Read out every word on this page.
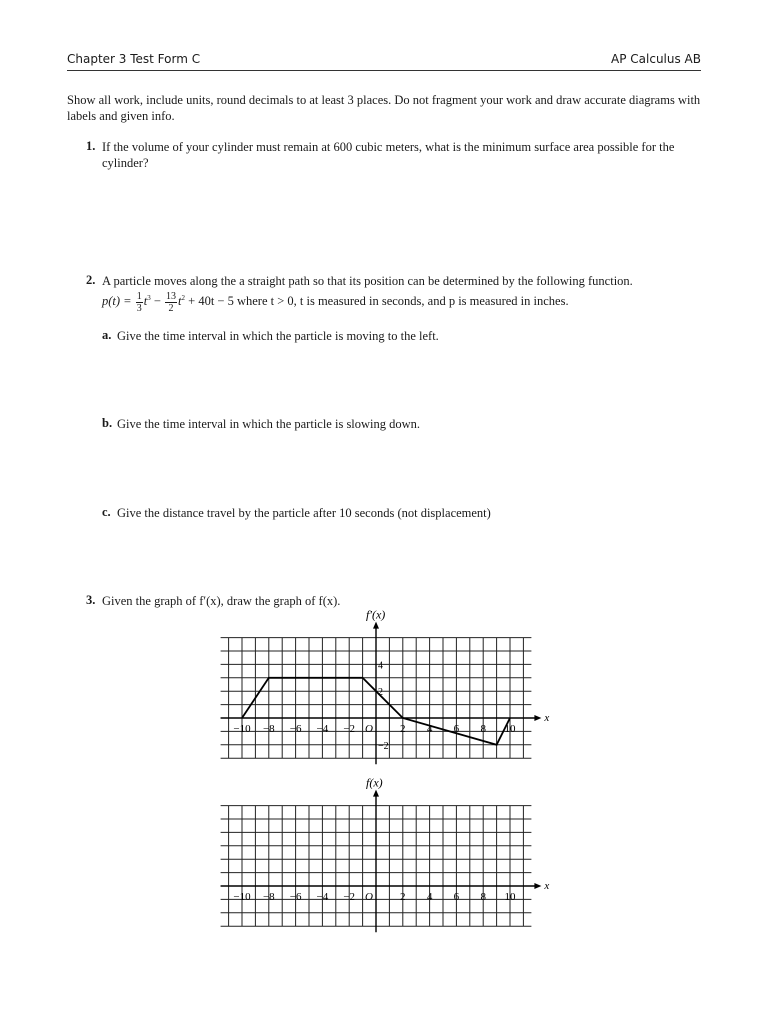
Chapter 3 Test Form C	AP Calculus AB
Show all work, include units, round decimals to at least 3 places. Do not fragment your work and draw accurate diagrams with labels and given info.
1. If the volume of your cylinder must remain at 600 cubic meters, what is the minimum surface area possible for the cylinder?
2. A particle moves along the a straight path so that its position can be determined by the following function.
$p(t) = \frac{1}{3} t^3 - \frac{13}{2} t^2 + 40t - 5$ where t > 0, t is measured in seconds, and p is measured in inches.
a. Give the time interval in which the particle is moving to the left.
b. Give the time interval in which the particle is slowing down.
c. Give the distance travel by the particle after 10 seconds (not displacement)
3. Given the graph of f′(x), draw the graph of f(x).
f′(x)
x
O
−10 −8 −6 −4 −2	2 4 6 8 10
4
2
−2
f(x)
x
O
−10 −8 −6 −4 −2	2 4 6 8 10
